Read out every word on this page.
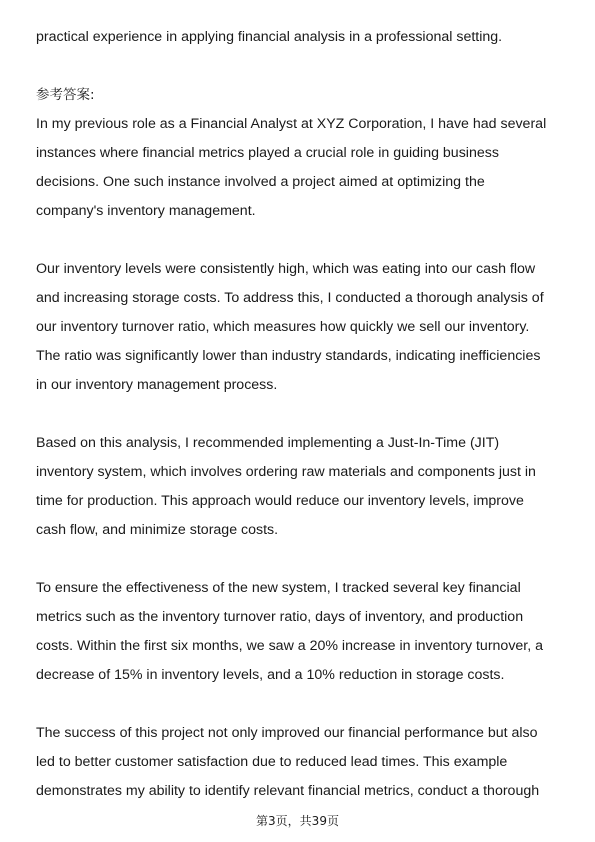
practical experience in applying financial analysis in a professional setting.

参考答案:

In my previous role as a Financial Analyst at XYZ Corporation, I have had several
instances where financial metrics played a crucial role in guiding business
decisions. One such instance involved a project aimed at optimizing the
company's inventory management.

Our inventory levels were consistently high, which was eating into our cash flow
and increasing storage costs. To address this, I conducted a thorough analysis of
our inventory turnover ratio, which measures how quickly we sell our inventory.
The ratio was significantly lower than industry standards, indicating inefficiencies
in our inventory management process.

Based on this analysis, I recommended implementing a Just-In-Time (JIT)
inventory system, which involves ordering raw materials and components just in
time for production. This approach would reduce our inventory levels, improve
cash flow, and minimize storage costs.

To ensure the effectiveness of the new system, I tracked several key financial
metrics such as the inventory turnover ratio, days of inventory, and production
costs. Within the first six months, we saw a 20% increase in inventory turnover, a
decrease of 15% in inventory levels, and a 10% reduction in storage costs.

The success of this project not only improved our financial performance but also
led to better customer satisfaction due to reduced lead times. This example
demonstrates my ability to identify relevant financial metrics, conduct a thorough

第3页，共39页
